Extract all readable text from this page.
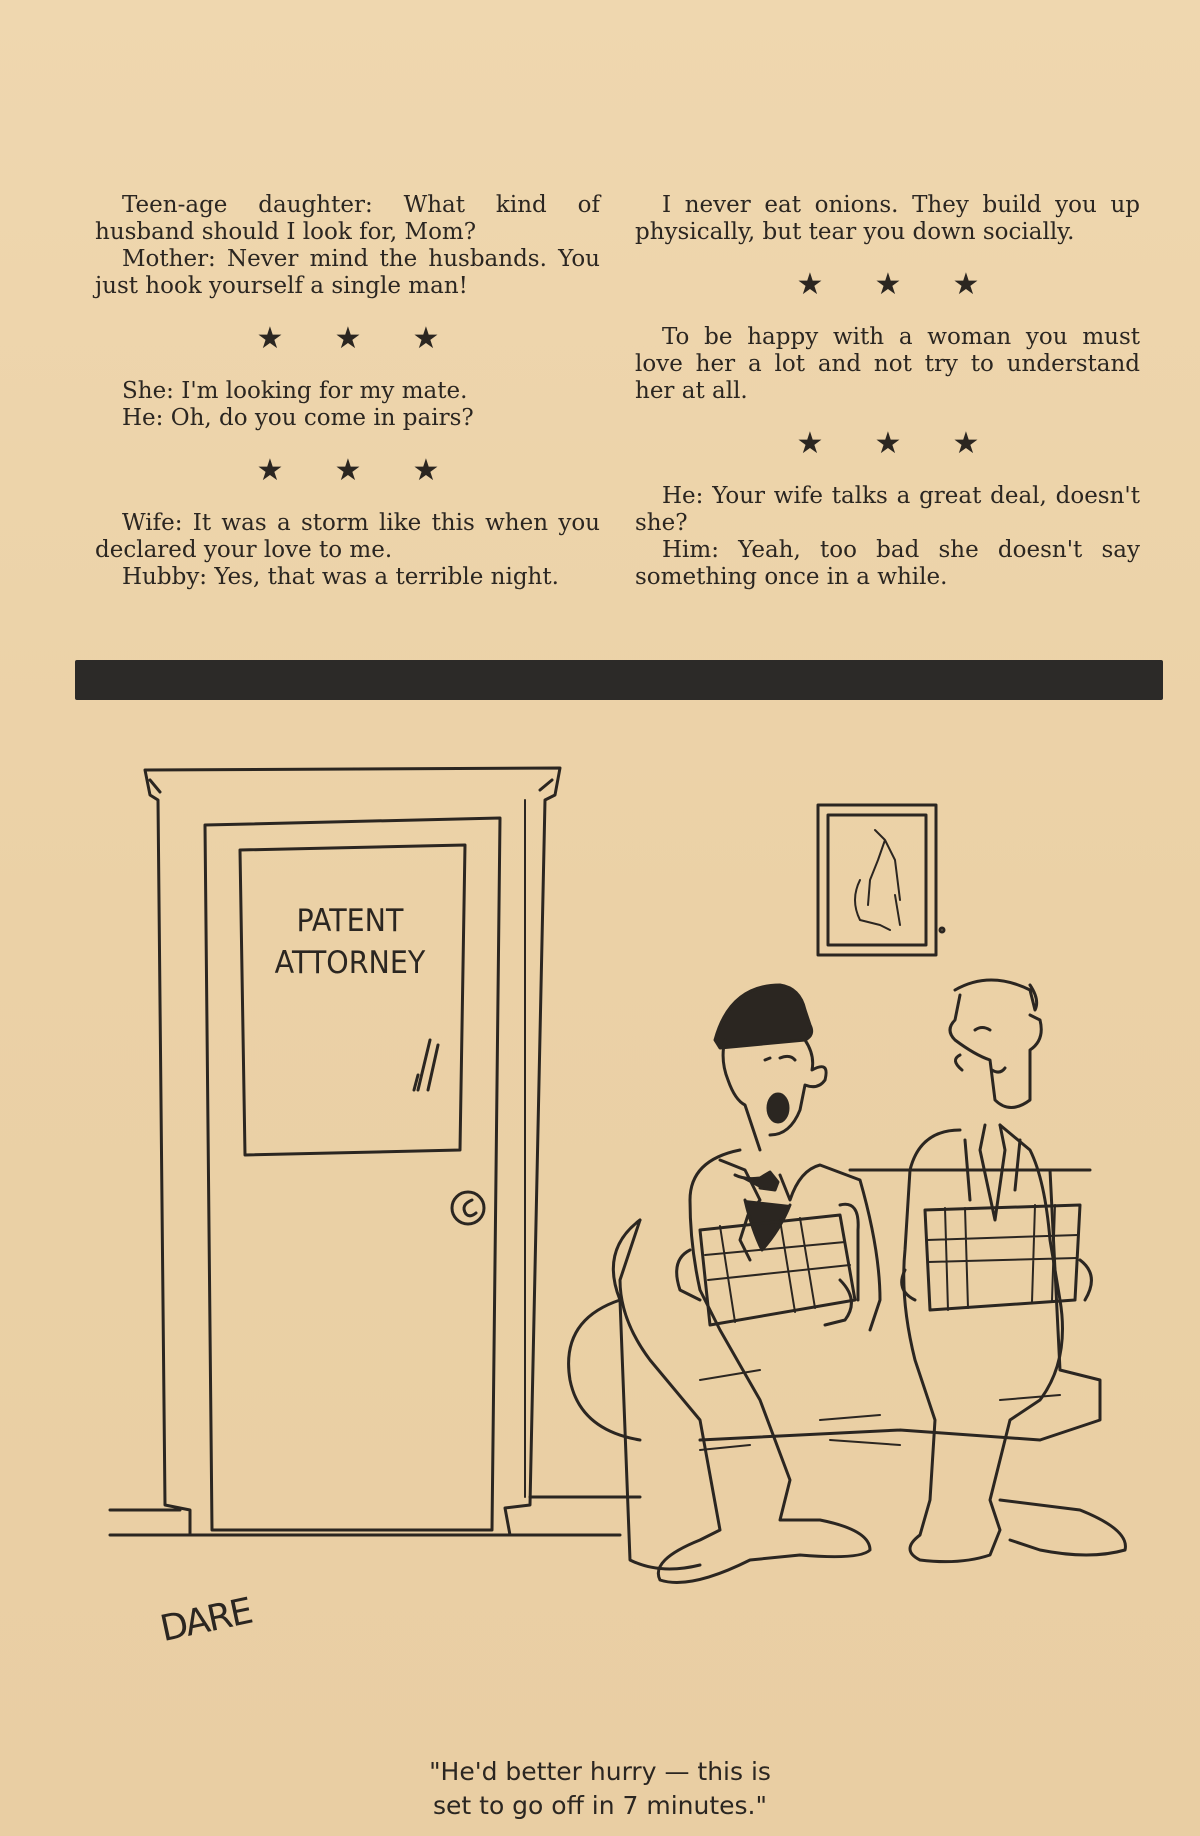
Teen-age daughter: What kind of husband should I look for, Mom?

Mother: Never mind the husbands. You just hook yourself a single man!

★ ★ ★

She: I'm looking for my mate.

He: Oh, do you come in pairs?

★ ★ ★

Wife: It was a storm like this when you declared your love to me.

Hubby: Yes, that was a terrible night.

I never eat onions. They build you up physically, but tear you down socially.

★ ★ ★

To be happy with a woman you must love her a lot and not try to understand her at all.

★ ★ ★

He: Your wife talks a great deal, doesn't she?

Him: Yeah, too bad she doesn't say something once in a while.

PATENT
ATTORNEY
DARE
"He'd better hurry — this is
set to go off in 7 minutes."
